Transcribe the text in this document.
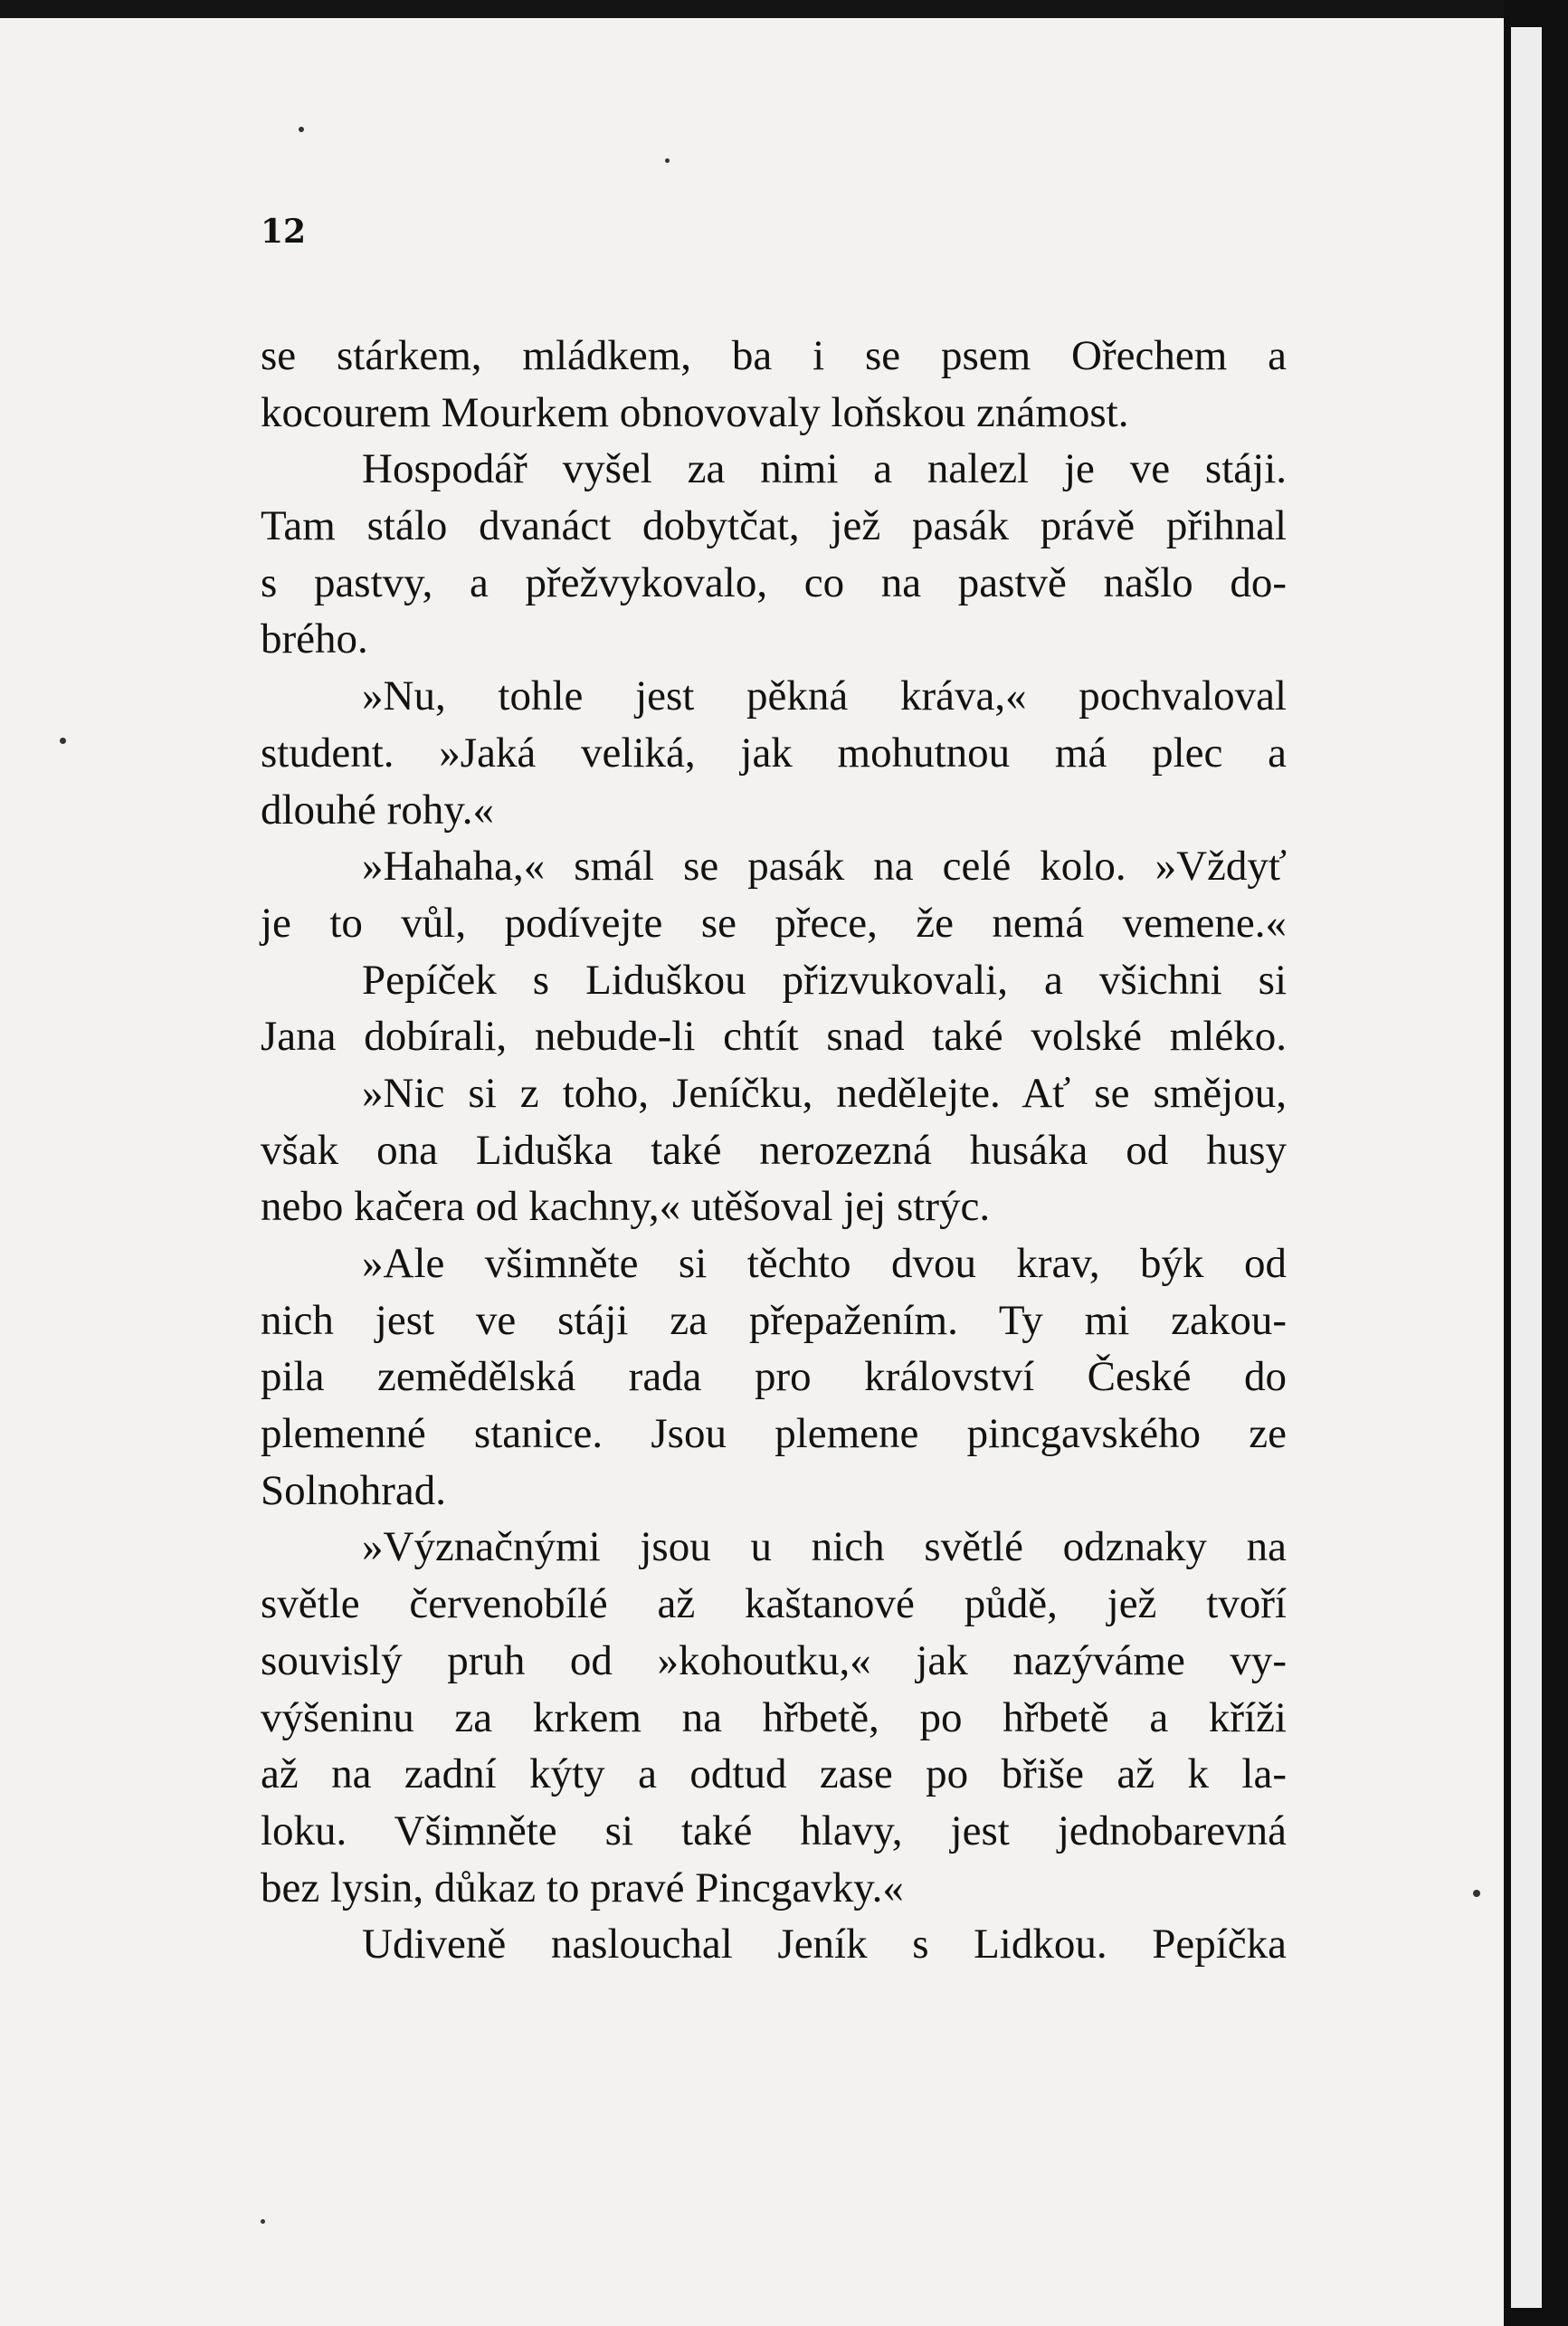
12
se stárkem, mládkem, ba i se psem Ořechem a
kocourem Mourkem obnovovaly loňskou známost.
Hospodář vyšel za nimi a nalezl je ve stáji.
Tam stálo dvanáct dobytčat, jež pasák právě přihnal
s pastvy, a přežvykovalo, co na pastvě našlo do-
brého.
»Nu, tohle jest pěkná kráva,« pochvaloval
student. »Jaká veliká, jak mohutnou má plec a
dlouhé rohy.«
»Hahaha,« smál se pasák na celé kolo. »Vždyť
je to vůl, podívejte se přece, že nemá vemene.«
Pepíček s Liduškou přizvukovali, a všichni si
Jana dobírali, nebude-li chtít snad také volské mléko.
»Nic si z toho, Jeníčku, nedělejte. Ať se smějou,
však ona Liduška také nerozezná husáka od husy
nebo kačera od kachny,« utěšoval jej strýc.
»Ale všimněte si těchto dvou krav, býk od
nich jest ve stáji za přepažením. Ty mi zakou-
pila zemědělská rada pro království České do
plemenné stanice. Jsou plemene pincgavského ze
Solnohrad.
»Význačnými jsou u nich světlé odznaky na
světle červenobílé až kaštanové půdě, jež tvoří
souvislý pruh od »kohoutku,« jak nazýváme vy-
výšeninu za krkem na hřbetě, po hřbetě a kříži
až na zadní kýty a odtud zase po břiše až k la-
loku. Všimněte si také hlavy, jest jednobarevná
bez lysin, důkaz to pravé Pincgavky.«
Udiveně naslouchal Jeník s Lidkou. Pepíčka
